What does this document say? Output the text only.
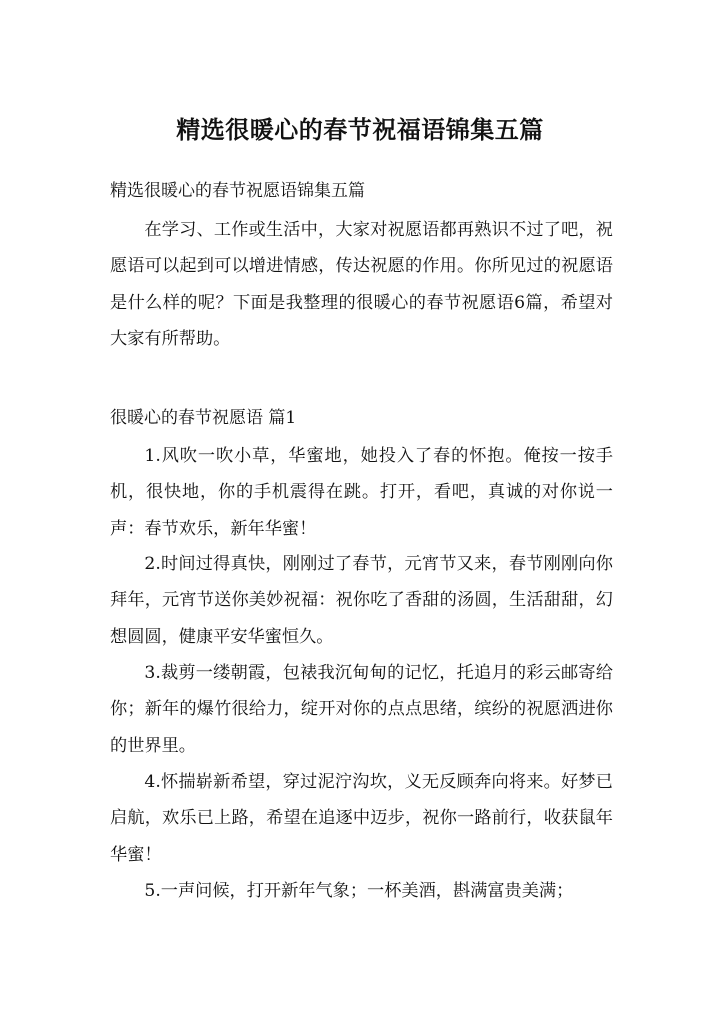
精选很暖心的春节祝福语锦集五篇
精选很暖心的春节祝愿语锦集五篇

在学习、工作或生活中，大家对祝愿语都再熟识不过了吧，祝愿语可以起到可以增进情感，传达祝愿的作用。你所见过的祝愿语是什么样的呢？下面是我整理的很暖心的春节祝愿语6篇，希望对大家有所帮助。

很暖心的春节祝愿语 篇1

1.风吹一吹小草，华蜜地，她投入了春的怀抱。俺按一按手机，很快地，你的手机震得在跳。打开，看吧，真诚的对你说一声：春节欢乐，新年华蜜！

2.时间过得真快，刚刚过了春节，元宵节又来，春节刚刚向你拜年，元宵节送你美妙祝福：祝你吃了香甜的汤圆，生活甜甜，幻想圆圆，健康平安华蜜恒久。

3.裁剪一缕朝霞，包裱我沉甸甸的记忆，托追月的彩云邮寄给你；新年的爆竹很给力，绽开对你的点点思绪，缤纷的祝愿洒进你的世界里。

4.怀揣崭新希望，穿过泥泞沟坎，义无反顾奔向将来。好梦已启航，欢乐已上路，希望在追逐中迈步，祝你一路前行，收获鼠年华蜜！

5.一声问候，打开新年气象；一杯美酒，斟满富贵美满；
